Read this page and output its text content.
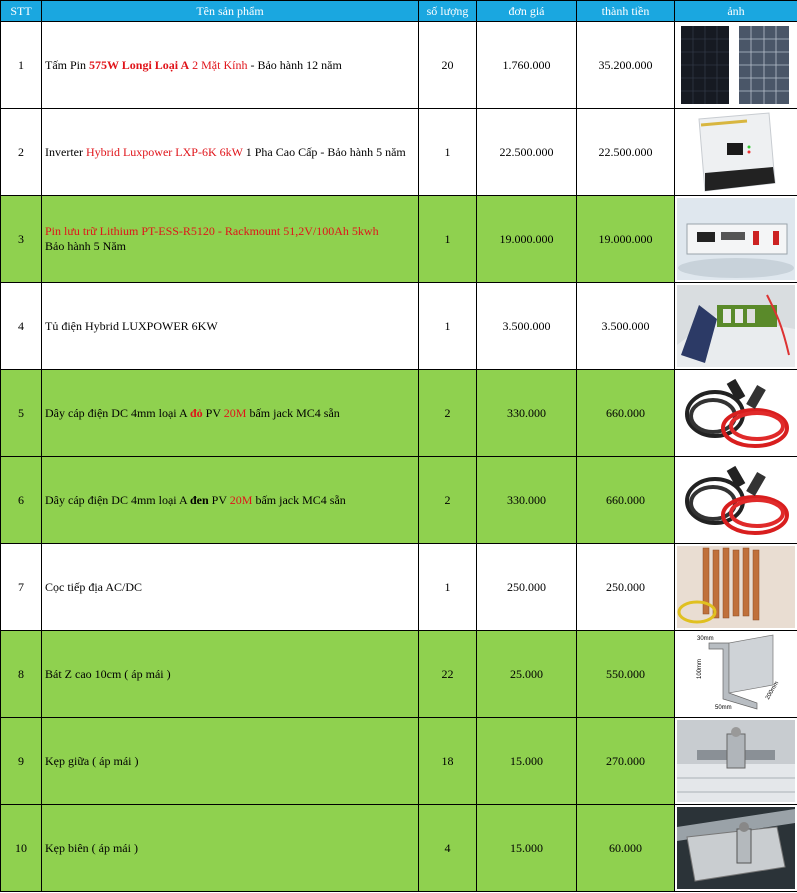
STT	Tên sản phẩm	số lượng	đơn giá	thành tiền	ảnh
1	Tấm Pin 575W Longi Loại A 2 Mặt Kính - Bảo hành 12 năm	20	1.760.000	35.200.000	

2	Inverter Hybrid Luxpower LXP-6K 6kW 1 Pha Cao Cấp - Bảo hành 5 năm	1	22.500.000	22.500.000	

3	Pin lưu trữ Lithium PT-ESS-R5120 - Rackmount 51,2V/100Ah 5kwh
Bảo hành 5 Năm	1	19.000.000	19.000.000	

4	Tủ điện Hybrid LUXPOWER 6KW	1	3.500.000	3.500.000	

5	Dây cáp điện DC 4mm loại A đỏ PV 20M bấm jack MC4 sẵn	2	330.000	660.000	

6	Dây cáp điện DC 4mm loại A đen PV 20M bấm jack MC4 sẵn	2	330.000	660.000	

7	Cọc tiếp địa AC/DC	1	250.000	250.000	

8	Bát Z cao 10cm ( áp mái )	22	25.000	550.000	30mm
100mm
50mm
200mm

9	Kẹp giữa ( áp mái )	18	15.000	270.000	

10	Kẹp biên ( áp mái )	4	15.000	60.000	
